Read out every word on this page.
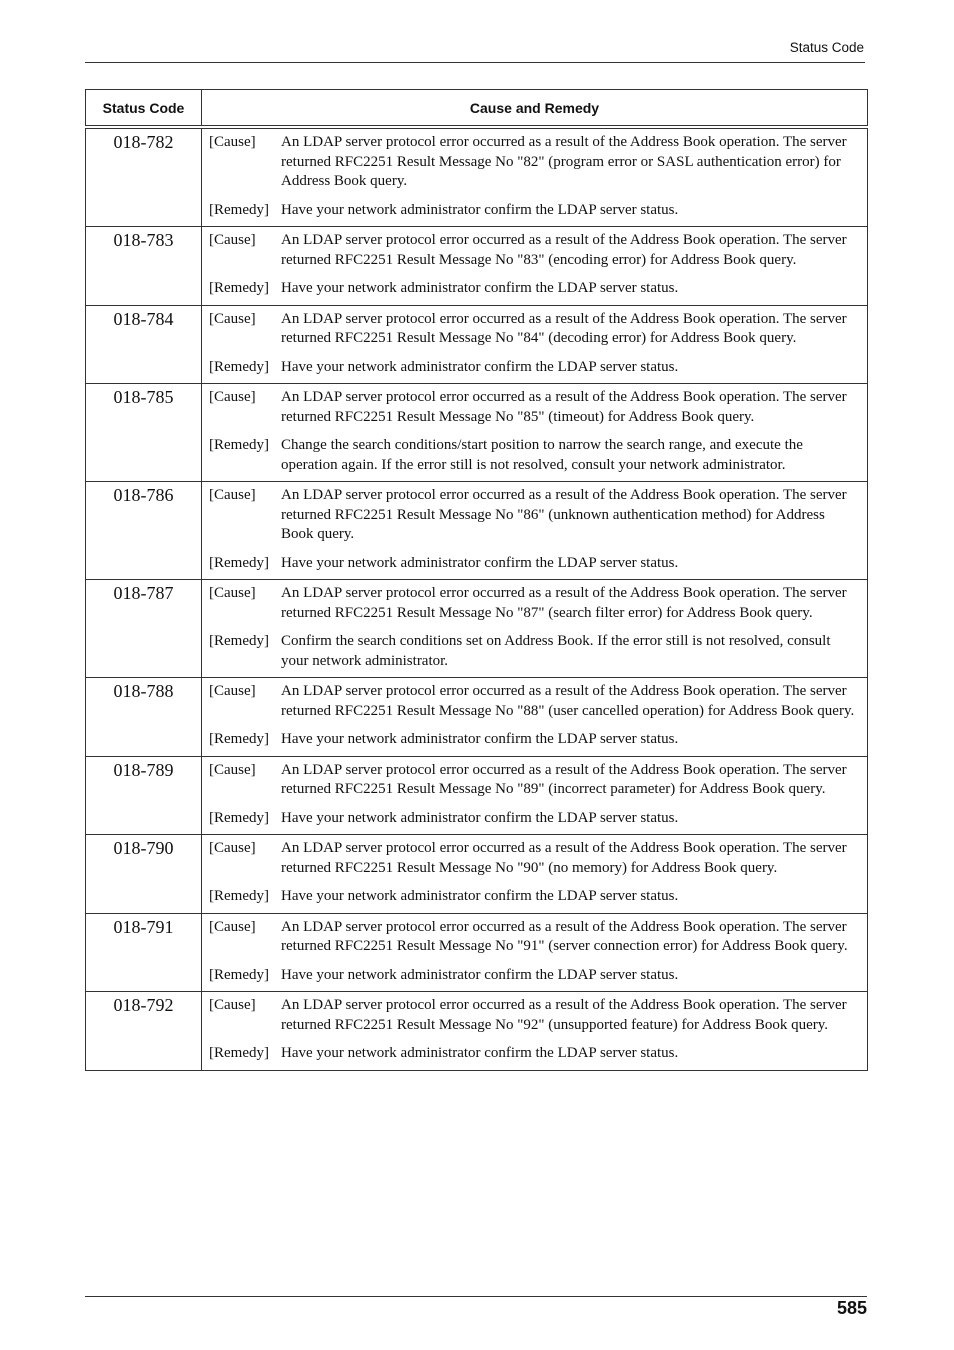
Status Code
Status Code	Cause and Remedy
018-782	[Cause] An LDAP server protocol error occurred as a result of the Address Book operation. The server returned RFC2251 Result Message No "82" (program error or SASL authentication error) for Address Book query.
[Remedy] Have your network administrator confirm the LDAP server status.

018-783	[Cause] An LDAP server protocol error occurred as a result of the Address Book operation. The server returned RFC2251 Result Message No "83" (encoding error) for Address Book query.
[Remedy] Have your network administrator confirm the LDAP server status.

018-784	[Cause] An LDAP server protocol error occurred as a result of the Address Book operation. The server returned RFC2251 Result Message No "84" (decoding error) for Address Book query.
[Remedy] Have your network administrator confirm the LDAP server status.

018-785	[Cause] An LDAP server protocol error occurred as a result of the Address Book operation. The server returned RFC2251 Result Message No "85" (timeout) for Address Book query.
[Remedy] Change the search conditions/start position to narrow the search range, and execute the operation again. If the error still is not resolved, consult your network administrator.

018-786	[Cause] An LDAP server protocol error occurred as a result of the Address Book operation. The server returned RFC2251 Result Message No "86" (unknown authentication method) for Address Book query.
[Remedy] Have your network administrator confirm the LDAP server status.

018-787	[Cause] An LDAP server protocol error occurred as a result of the Address Book operation. The server returned RFC2251 Result Message No "87" (search filter error) for Address Book query.
[Remedy] Confirm the search conditions set on Address Book. If the error still is not resolved, consult your network administrator.

018-788	[Cause] An LDAP server protocol error occurred as a result of the Address Book operation. The server returned RFC2251 Result Message No "88" (user cancelled operation) for Address Book query.
[Remedy] Have your network administrator confirm the LDAP server status.

018-789	[Cause] An LDAP server protocol error occurred as a result of the Address Book operation. The server returned RFC2251 Result Message No "89" (incorrect parameter) for Address Book query.
[Remedy] Have your network administrator confirm the LDAP server status.

018-790	[Cause] An LDAP server protocol error occurred as a result of the Address Book operation. The server returned RFC2251 Result Message No "90" (no memory) for Address Book query.
[Remedy] Have your network administrator confirm the LDAP server status.

018-791	[Cause] An LDAP server protocol error occurred as a result of the Address Book operation. The server returned RFC2251 Result Message No "91" (server connection error) for Address Book query.
[Remedy] Have your network administrator confirm the LDAP server status.

018-792	[Cause] An LDAP server protocol error occurred as a result of the Address Book operation. The server returned RFC2251 Result Message No "92" (unsupported feature) for Address Book query.
[Remedy] Have your network administrator confirm the LDAP server status.
585
